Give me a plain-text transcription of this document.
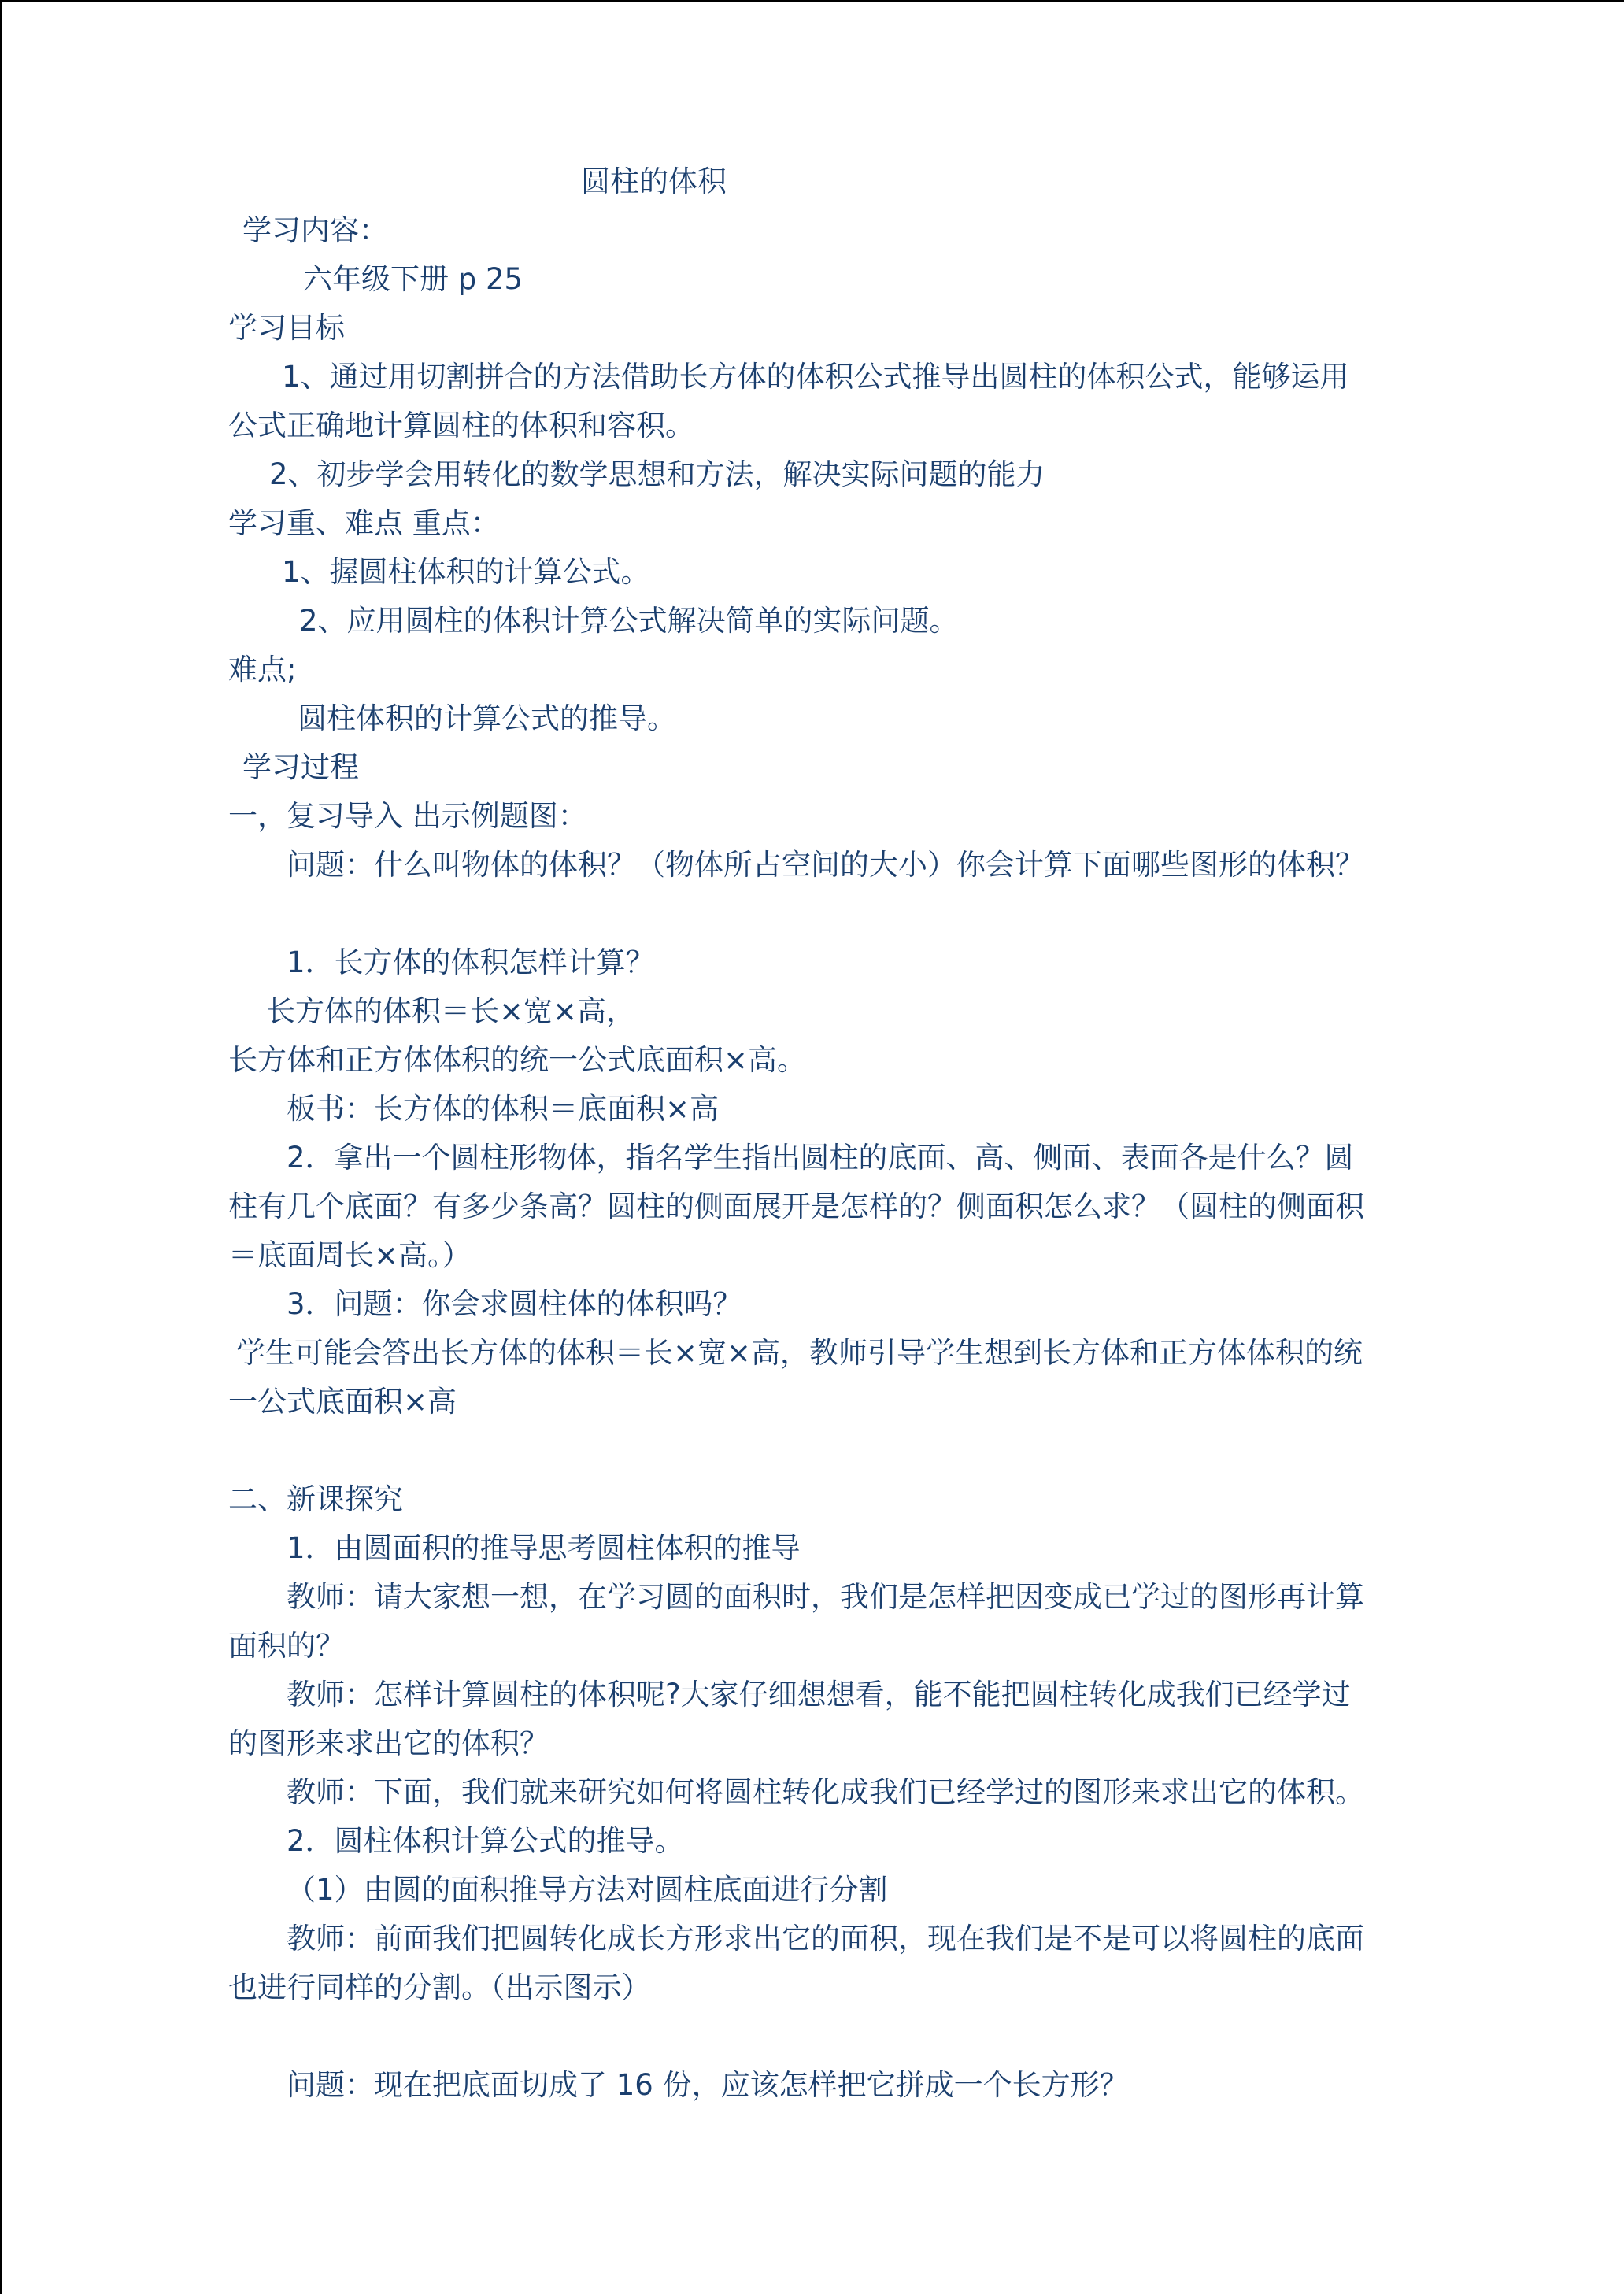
圆柱的体积

学习内容：

六年级下册 p 25

学习目标

1、通过用切割拼合的方法借助长方体的体积公式推导出圆柱的体积公式，能够运用

公式正确地计算圆柱的体积和容积。

2、初步学会用转化的数学思想和方法，解决实际问题的能力

学习重、难点 重点：

1、握圆柱体积的计算公式。

2、应用圆柱的体积计算公式解决简单的实际问题。

难点;

圆柱体积的计算公式的推导。

学习过程

一，复习导入 出示例题图：

问题：什么叫物体的体积？（物体所占空间的大小）你会计算下面哪些图形的体积？

1．长方体的体积怎样计算？

长方体的体积＝长×宽×高，

长方体和正方体体积的统一公式底面积×高。

板书：长方体的体积＝底面积×高

2．拿出一个圆柱形物体，指名学生指出圆柱的底面、高、侧面、表面各是什么？圆

柱有几个底面？有多少条高？圆柱的侧面展开是怎样的？侧面积怎么求？（圆柱的侧面积

＝底面周长×高。）

3．问题：你会求圆柱体的体积吗？

学生可能会答出长方体的体积＝长×宽×高，教师引导学生想到长方体和正方体体积的统

一公式底面积×高

二、新课探究

1．由圆面积的推导思考圆柱体积的推导

教师：请大家想一想，在学习圆的面积时，我们是怎样把因变成已学过的图形再计算

面积的？

教师：怎样计算圆柱的体积呢?大家仔细想想看，能不能把圆柱转化成我们已经学过

的图形来求出它的体积？

教师：下面，我们就来研究如何将圆柱转化成我们已经学过的图形来求出它的体积。

2．圆柱体积计算公式的推导。

（1）由圆的面积推导方法对圆柱底面进行分割

教师：前面我们把圆转化成长方形求出它的面积，现在我们是不是可以将圆柱的底面

也进行同样的分割。（出示图示）

问题：现在把底面切成了 16 份，应该怎样把它拼成一个长方形？
